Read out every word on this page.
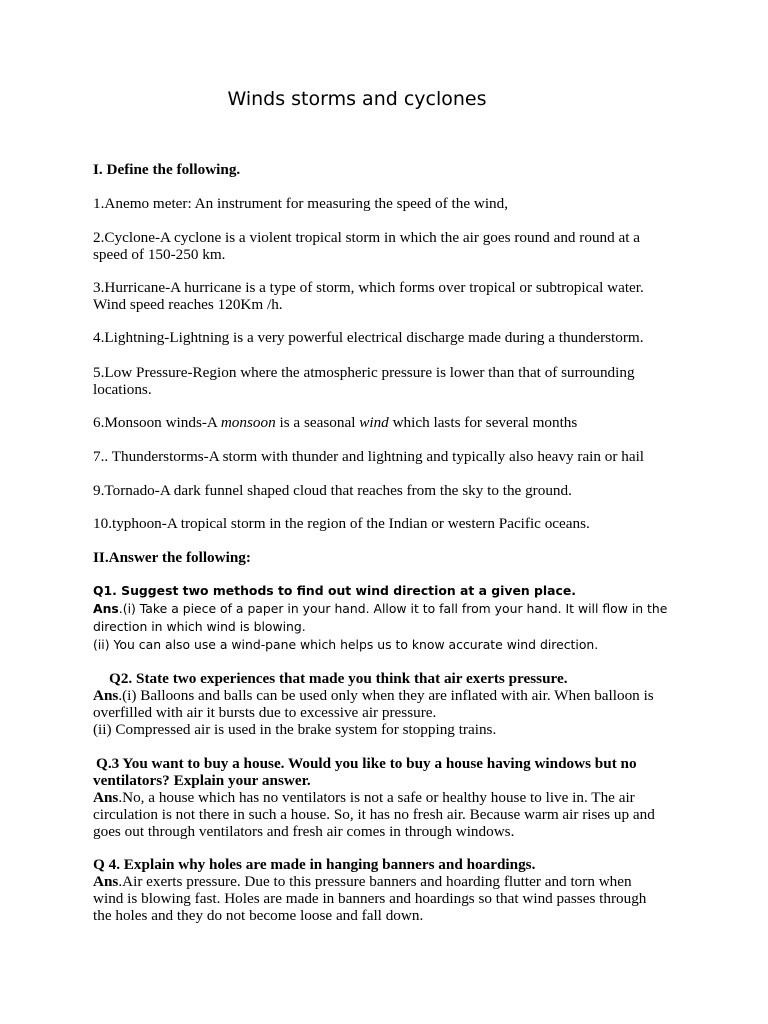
Winds storms and cyclones

I. Define the following.

1.Anemo meter: An instrument for measuring the speed of the wind,

2.Cyclone-A cyclone is a violent tropical storm in which the air goes round and round at a
speed of 150-250 km.

3.Hurricane-A hurricane is a type of storm, which forms over tropical or subtropical water.
Wind speed reaches 120Km /h.

4.Lightning-Lightning is a very powerful electrical discharge made during a thunderstorm.

5.Low Pressure-Region where the atmospheric pressure is lower than that of surrounding
locations.

6.Monsoon winds-A monsoon is a seasonal wind which lasts for several months

7.. Thunderstorms-A storm with thunder and lightning and typically also heavy rain or hail

9.Tornado-A dark funnel shaped cloud that reaches from the sky to the ground.

10.typhoon-A tropical storm in the region of the Indian or western Pacific oceans.

II.Answer the following:

Q1. Suggest two methods to find out wind direction at a given place.
Ans.(i) Take a piece of a paper in your hand. Allow it to fall from your hand. It will flow in the
direction in which wind is blowing.
(ii) You can also use a wind-pane which helps us to know accurate wind direction.
Q2. State two experiences that made you think that air exerts pressure.
Ans.(i) Balloons and balls can be used only when they are inflated with air. When balloon is
overfilled with air it bursts due to excessive air pressure.
(ii) Compressed air is used in the brake system for stopping trains.
Q.3 You want to buy a house. Would you like to buy a house having windows but no
ventilators? Explain your answer.
Ans.No, a house which has no ventilators is not a safe or healthy house to live in. The air
circulation is not there in such a house. So, it has no fresh air. Because warm air rises up and
goes out through ventilators and fresh air comes in through windows.
Q 4. Explain why holes are made in hanging banners and hoardings.
Ans.Air exerts pressure. Due to this pressure banners and hoarding flutter and torn when
wind is blowing fast. Holes are made in banners and hoardings so that wind passes through
the holes and they do not become loose and fall down.
